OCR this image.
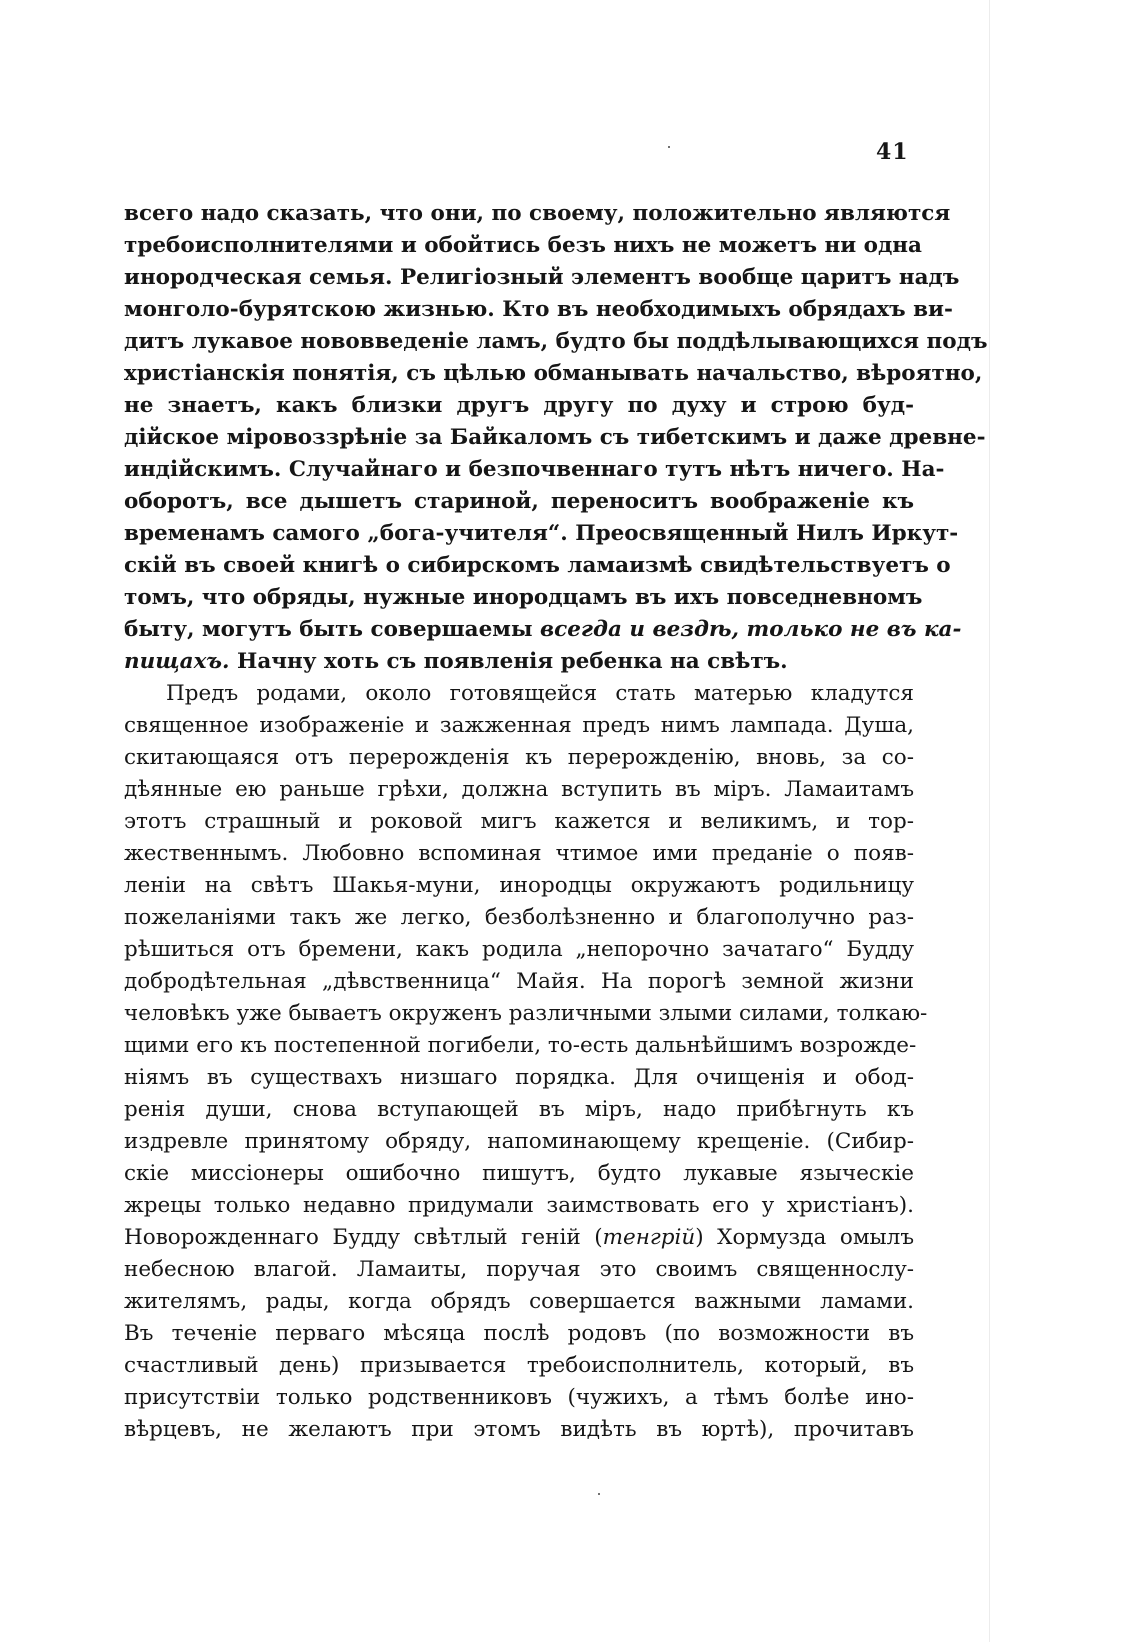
41
всего надо сказать, что они, по своему, положительно являются
требоисполнителями и обойтись безъ нихъ не можетъ ни одна
инородческая семья. Религіозный элементъ вообще царитъ надъ
монголо-бурятскою жизнью. Кто въ необходимыхъ обрядахъ ви-
дитъ лукавое нововведеніе ламъ, будто бы поддѣлывающихся подъ
христіанскія понятія, съ цѣлью обманывать начальство, вѣроятно,
не знаетъ, какъ близки другъ другу по духу и строю буд-
дійское міровоззрѣніе за Байкаломъ съ тибетскимъ и даже древне-
индійскимъ. Случайнаго и безпочвеннаго тутъ нѣтъ ничего. На-
оборотъ, все дышетъ стариной, переноситъ воображеніе къ
временамъ самого „бога-учителя“. Преосвященный Нилъ Иркут-
скій въ своей книгѣ о сибирскомъ ламаизмѣ свидѣтельствуетъ о
томъ, что обряды, нужные инородцамъ въ ихъ повседневномъ
быту, могутъ быть совершаемы всегда и вездѣ, только не въ ка-
пищахъ. Начну хоть съ появленія ребенка на свѣтъ.
Предъ родами, около готовящейся стать матерью кладутся
священное изображеніе и зажженная предъ нимъ лампада. Душа,
скитающаяся отъ перерожденія къ перерожденію, вновь, за со-
дѣянные ею раньше грѣхи, должна вступить въ міръ. Ламаитамъ
этотъ страшный и роковой мигъ кажется и великимъ, и тор-
жественнымъ. Любовно вспоминая чтимое ими преданіе о появ-
леніи на свѣтъ Шакья-муни, инородцы окружаютъ родильницу
пожеланіями такъ же легко, безболѣзненно и благополучно раз-
рѣшиться отъ бремени, какъ родила „непорочно зачатаго“ Будду
добродѣтельная „дѣвственница“ Майя. На порогѣ земной жизни
человѣкъ уже бываетъ окруженъ различными злыми силами, толкаю-
щими его къ постепенной погибели, то-есть дальнѣйшимъ возрожде-
ніямъ въ существахъ низшаго порядка. Для очищенія и обод-
ренія души, снова вступающей въ міръ, надо прибѣгнуть къ
издревле принятому обряду, напоминающему крещеніе. (Сибир-
скіе миссіонеры ошибочно пишутъ, будто лукавые языческіе
жрецы только недавно придумали заимствовать его у христіанъ).
Новорожденнаго Будду свѣтлый геній (тенгрій) Хормузда омылъ
небесною влагой. Ламаиты, поручая это своимъ священнослу-
жителямъ, рады, когда обрядъ совершается важными ламами.
Въ теченіе перваго мѣсяца послѣ родовъ (по возможности въ
счастливый день) призывается требоисполнитель, который, въ
присутствіи только родственниковъ (чужихъ, а тѣмъ болѣе ино-
вѣрцевъ, не желаютъ при этомъ видѣть въ юртѣ), прочитавъ
